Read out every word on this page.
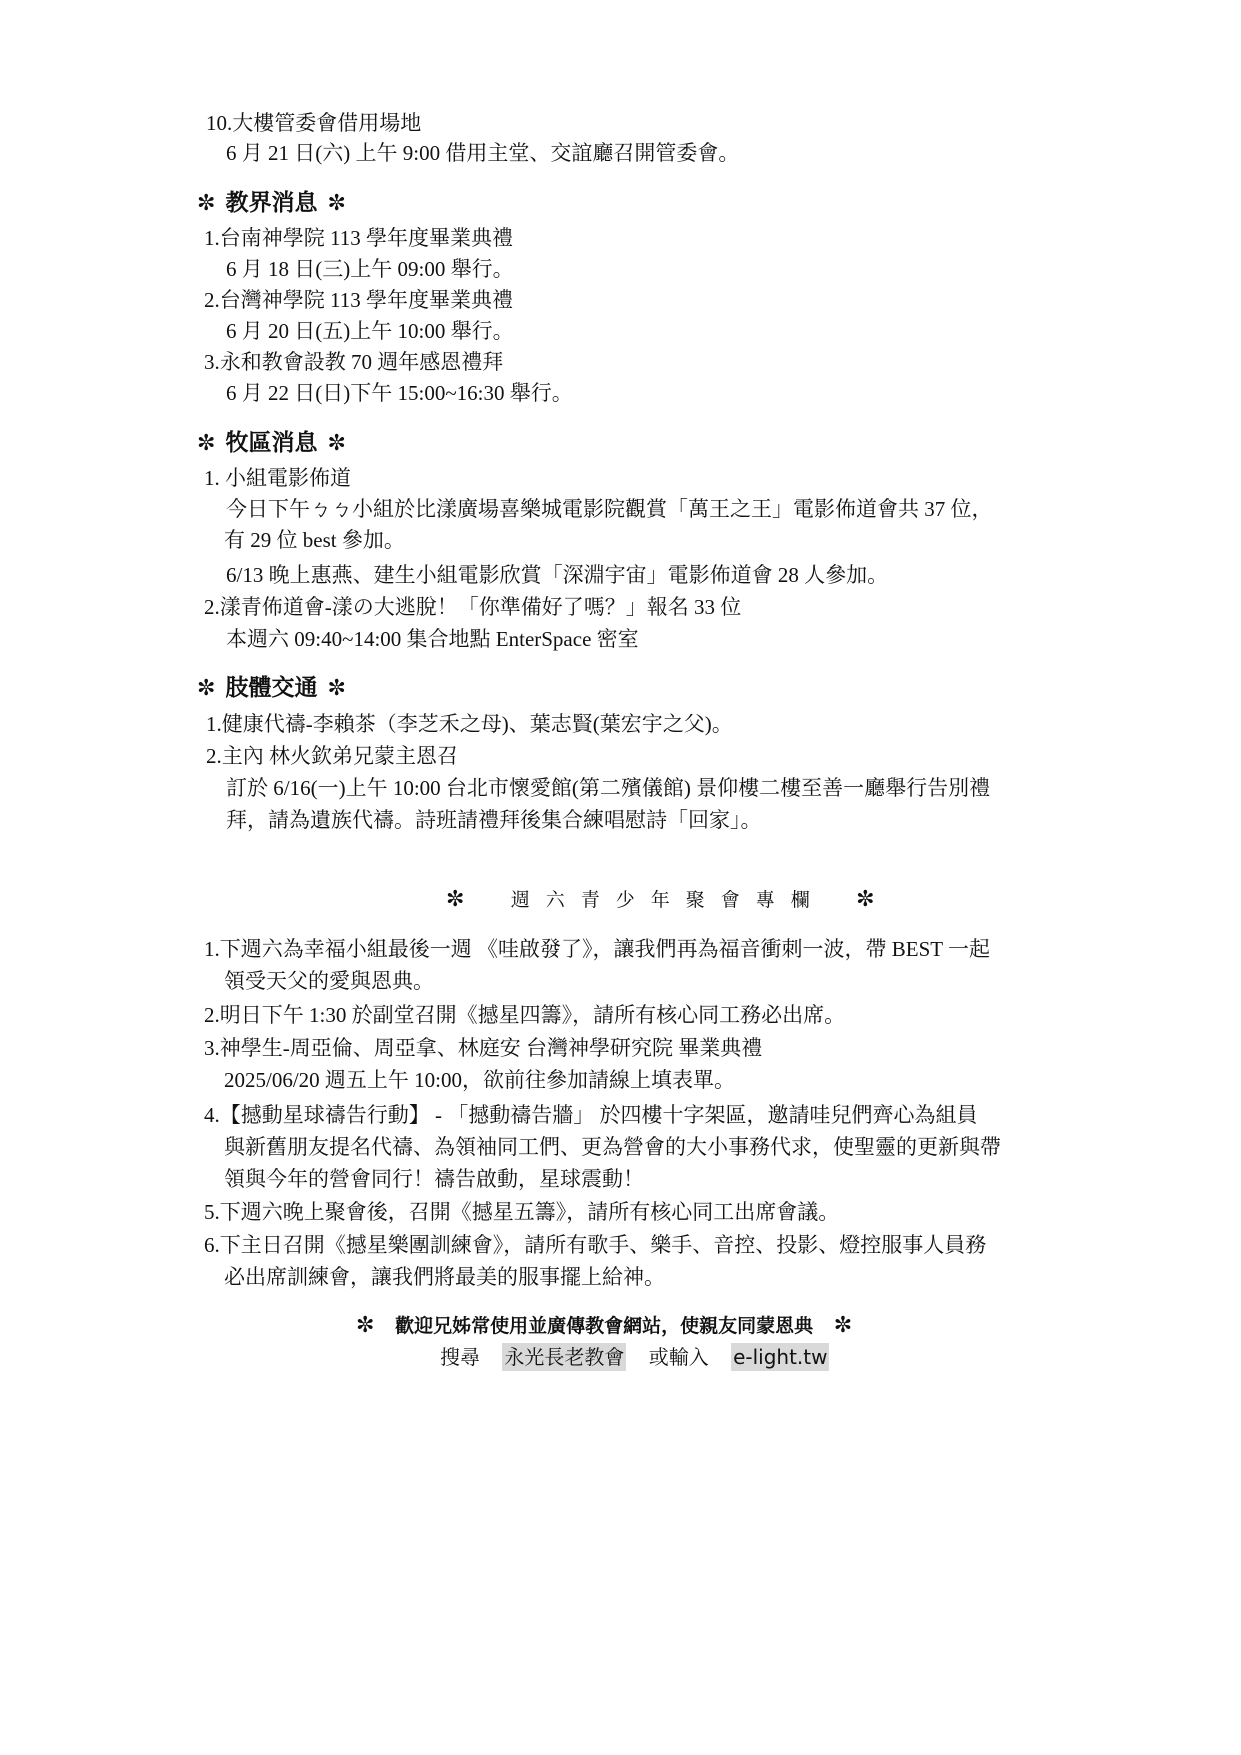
10.大樓管委會借用場地
6 月 21 日(六) 上午 9:00 借用主堂、交誼廳召開管委會。
✼ 教界消息 ✼
1.台南神學院 113 學年度畢業典禮
6 月 18 日(三)上午 09:00 舉行。
2.台灣神學院 113 學年度畢業典禮
6 月 20 日(五)上午 10:00 舉行。
3.永和教會設教 70 週年感恩禮拜
6 月 22 日(日)下午 15:00~16:30 舉行。
✼ 牧區消息 ✼
1. 小組電影佈道
今日下午ㄅㄅ小組於比漾廣場喜樂城電影院觀賞「萬王之王」電影佈道會共 37 位，
有 29 位 best 參加。
6/13 晚上惠燕、建生小組電影欣賞「深淵宇宙」電影佈道會 28 人參加。
2.漾青佈道會-漾の大逃脫！「你準備好了嗎？」報名 33 位
本週六 09:40~14:00 集合地點 EnterSpace 密室
✼ 肢體交通 ✼
1.健康代禱-李賴茶（李芝禾之母)、葉志賢(葉宏宇之父)。
2.主內 林火欽弟兄蒙主恩召
訂於 6/16(一)上午 10:00 台北市懷愛館(第二殯儀館) 景仰樓二樓至善一廳舉行告別禮
拜，請為遺族代禱。詩班請禮拜後集合練唱慰詩「回家」。
✼ 週六青少年聚會專欄 ✼
1.下週六為幸福小組最後一週 《哇啟發了》，讓我們再為福音衝刺一波，帶 BEST 一起
領受天父的愛與恩典。
2.明日下午 1:30 於副堂召開《撼星四籌》，請所有核心同工務必出席。
3.神學生-周亞倫、周亞拿、林庭安 台灣神學研究院 畢業典禮
2025/06/20 週五上午 10:00，欲前往參加請線上填表單。
4.【撼動星球禱告行動】 - 「撼動禱告牆」 於四樓十字架區，邀請哇兒們齊心為組員
與新舊朋友提名代禱、為領袖同工們、更為營會的大小事務代求，使聖靈的更新與帶
領與今年的營會同行！禱告啟動，星球震動！
5.下週六晚上聚會後，召開《撼星五籌》，請所有核心同工出席會議。
6.下主日召開《撼星樂團訓練會》，請所有歌手、樂手、音控、投影、燈控服事人員務
必出席訓練會，讓我們將最美的服事擺上給神。
✼ 歡迎兄姊常使用並廣傳教會網站，使親友同蒙恩典 ✼
搜尋 永光長老教會 或輸入 e-light.tw
